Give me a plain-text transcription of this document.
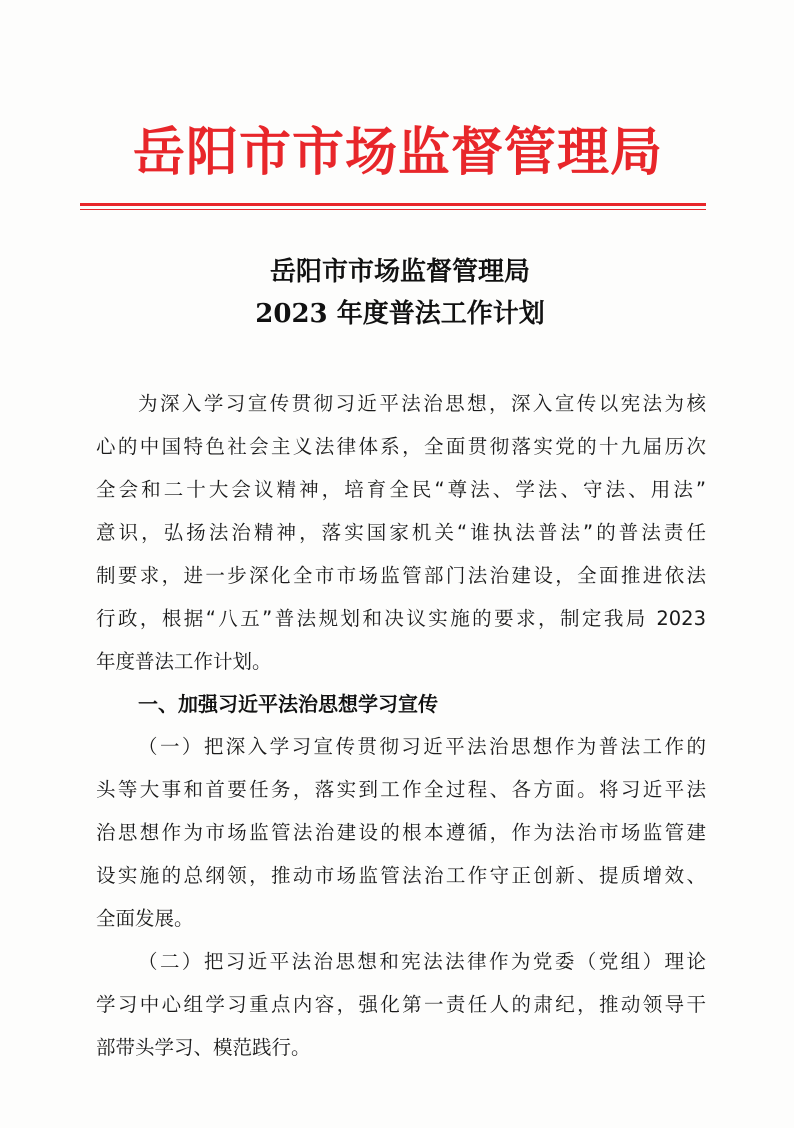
岳阳市市场监督管理局
岳阳市市场监督管理局
2023 年度普法工作计划
为深入学习宣传贯彻习近平法治思想，深入宣传以宪法为核
心的中国特色社会主义法律体系，全面贯彻落实党的十九届历次
全会和二十大会议精神，培育全民“尊法、学法、守法、用法”
意识，弘扬法治精神，落实国家机关“谁执法普法”的普法责任
制要求，进一步深化全市市场监管部门法治建设，全面推进依法
行政，根据“八五”普法规划和决议实施的要求，制定我局 2023
年度普法工作计划。
一、加强习近平法治思想学习宣传
（一）把深入学习宣传贯彻习近平法治思想作为普法工作的
头等大事和首要任务，落实到工作全过程、各方面。将习近平法
治思想作为市场监管法治建设的根本遵循，作为法治市场监管建
设实施的总纲领，推动市场监管法治工作守正创新、提质增效、
全面发展。
（二）把习近平法治思想和宪法法律作为党委（党组）理论
学习中心组学习重点内容，强化第一责任人的肃纪，推动领导干
部带头学习、模范践行。
